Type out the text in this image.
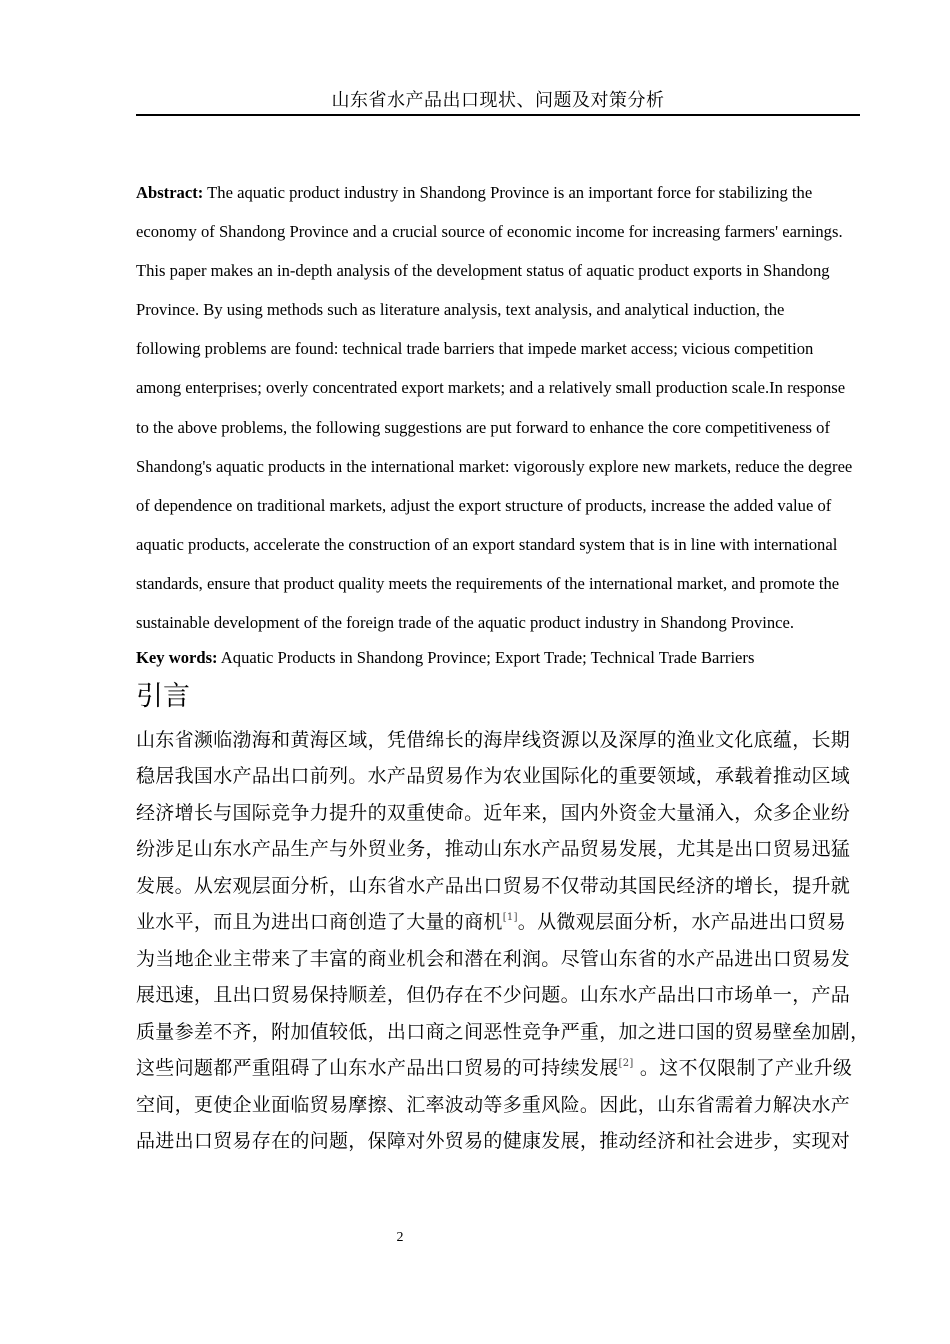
山东省水产品出口现状、问题及对策分析
Abstract: The aquatic product industry in Shandong Province is an important force for stabilizing the
economy of Shandong Province and a crucial source of economic income for increasing farmers' earnings.
This paper makes an in-depth analysis of the development status of aquatic product exports in Shandong
Province. By using methods such as literature analysis, text analysis, and analytical induction, the
following problems are found: technical trade barriers that impede market access; vicious competition
among enterprises; overly concentrated export markets; and a relatively small production scale.In response
to the above problems, the following suggestions are put forward to enhance the core competitiveness of
Shandong's aquatic products in the international market: vigorously explore new markets, reduce the degree
of dependence on traditional markets, adjust the export structure of products, increase the added value of
aquatic products, accelerate the construction of an export standard system that is in line with international
standards, ensure that product quality meets the requirements of the international market, and promote the
sustainable development of the foreign trade of the aquatic product industry in Shandong Province.
Key words: Aquatic Products in Shandong Province; Export Trade; Technical Trade Barriers
引言
山东省濒临渤海和黄海区域，凭借绵长的海岸线资源以及深厚的渔业文化底蕴，长期
稳居我国水产品出口前列。水产品贸易作为农业国际化的重要领域，承载着推动区域
经济增长与国际竞争力提升的双重使命。近年来，国内外资金大量涌入，众多企业纷
纷涉足山东水产品生产与外贸业务，推动山东水产品贸易发展，尤其是出口贸易迅猛
发展。从宏观层面分析，山东省水产品出口贸易不仅带动其国民经济的增长，提升就
业水平，而且为进出口商创造了大量的商机[1]。从微观层面分析，水产品进出口贸易
为当地企业主带来了丰富的商业机会和潜在利润。尽管山东省的水产品进出口贸易发
展迅速，且出口贸易保持顺差，但仍存在不少问题。山东水产品出口市场单一，产品
质量参差不齐，附加值较低，出口商之间恶性竞争严重，加之进口国的贸易壁垒加剧，
这些问题都严重阻碍了山东水产品出口贸易的可持续发展[2] 。这不仅限制了产业升级
空间，更使企业面临贸易摩擦、汇率波动等多重风险。因此，山东省需着力解决水产
品进出口贸易存在的问题，保障对外贸易的健康发展，推动经济和社会进步，实现对
2
